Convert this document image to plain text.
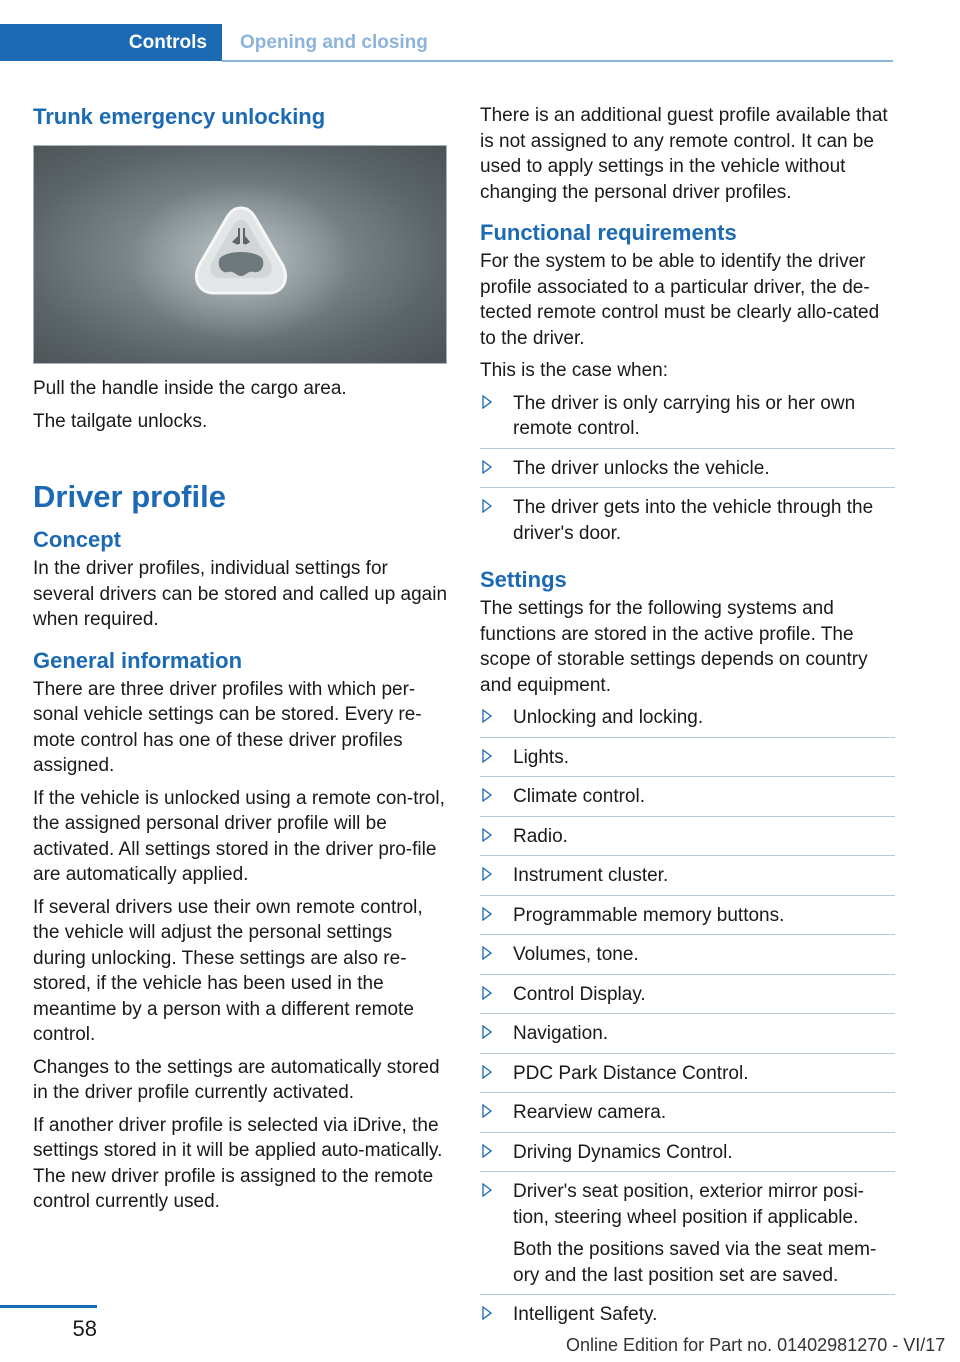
Controls	Opening and closing
Trunk emergency unlocking

Pull the handle inside the cargo area.

The tailgate unlocks.

Driver profile
Concept

In the driver profiles, individual settings for several drivers can be stored and called up again when required.

General information

There are three driver profiles with which per-sonal vehicle settings can be stored. Every re-mote control has one of these driver profiles assigned.

If the vehicle is unlocked using a remote con-trol, the assigned personal driver profile will be activated. All settings stored in the driver pro-file are automatically applied.

If several drivers use their own remote control, the vehicle will adjust the personal settings during unlocking. These settings are also re-stored, if the vehicle has been used in the meantime by a person with a different remote control.

Changes to the settings are automatically stored in the driver profile currently activated.

If another driver profile is selected via iDrive, the settings stored in it will be applied auto-matically. The new driver profile is assigned to the remote control currently used.

There is an additional guest profile available that is not assigned to any remote control. It can be used to apply settings in the vehicle without changing the personal driver profiles.

Functional requirements

For the system to be able to identify the driver profile associated to a particular driver, the de-tected remote control must be clearly allo-cated to the driver.

This is the case when:

The driver is only carrying his or her own remote control.
The driver unlocks the vehicle.
The driver gets into the vehicle through the driver's door.
Settings

The settings for the following systems and functions are stored in the active profile. The scope of storable settings depends on country and equipment.

Unlocking and locking.
Lights.
Climate control.
Radio.
Instrument cluster.
Programmable memory buttons.
Volumes, tone.
Control Display.
Navigation.
PDC Park Distance Control.
Rearview camera.
Driving Dynamics Control.
Driver's seat position, exterior mirror posi-tion, steering wheel position if applicable.
Both the positions saved via the seat mem-ory and the last position set are saved.
Intelligent Safety.
58
Online Edition for Part no. 01402981270 - VI/17
